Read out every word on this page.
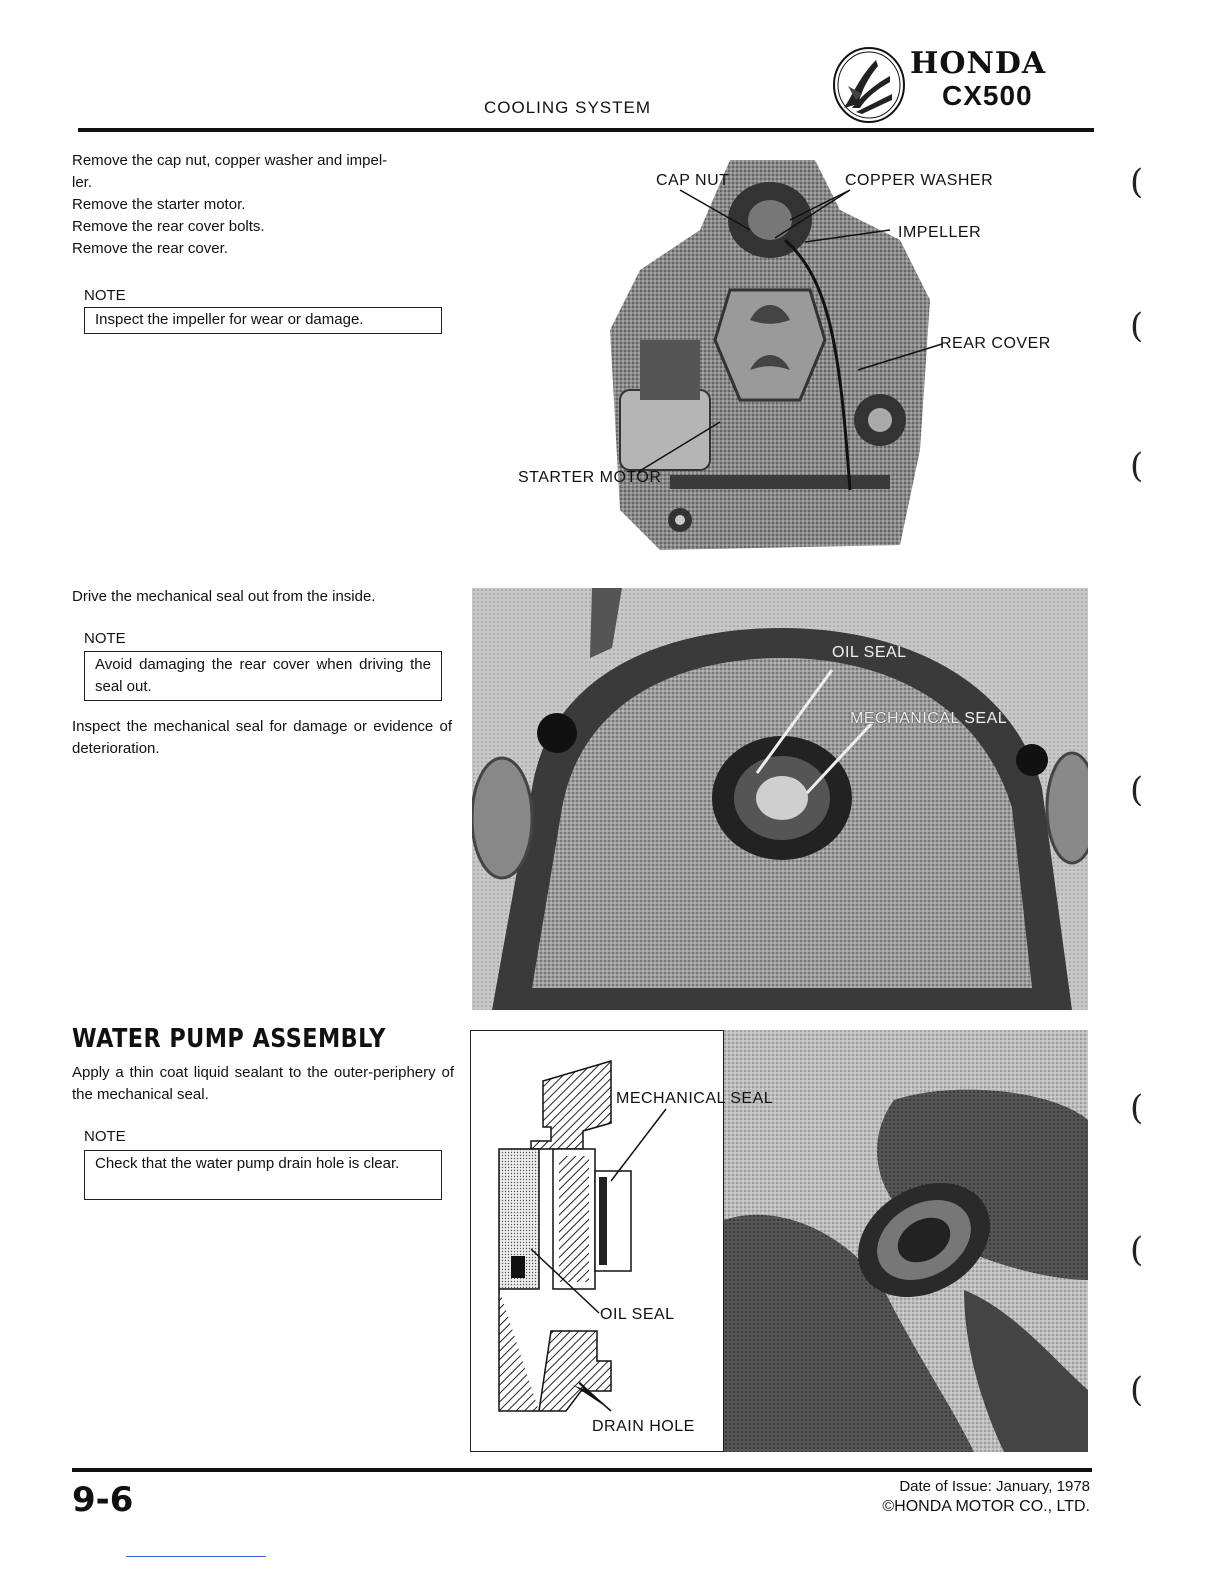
COOLING SYSTEM
HONDA
CX500
Remove the cap nut, copper washer and impel-
ler.
Remove the starter motor.
Remove the rear cover bolts.
Remove the rear cover.
NOTE
Inspect the impeller for wear or damage.
CAP NUT	COPPER WASHER
IMPELLER
REAR COVER
STARTER MOTOR
Drive the mechanical seal out from the inside.
NOTE
Avoid damaging the rear cover when driving the seal out.
Inspect the mechanical seal for damage or evidence of deterioration.
OIL SEAL
MECHANICAL SEAL
WATER PUMP ASSEMBLY
Apply a thin coat liquid sealant to the outer-periphery of the mechanical seal.
NOTE
Check that the water pump drain hole is clear.
MECHANICAL SEAL
OIL SEAL
DRAIN HOLE
(
(
(
(
(
(
(
9-6	Date of Issue: January, 1978
©HONDA MOTOR CO., LTD.
